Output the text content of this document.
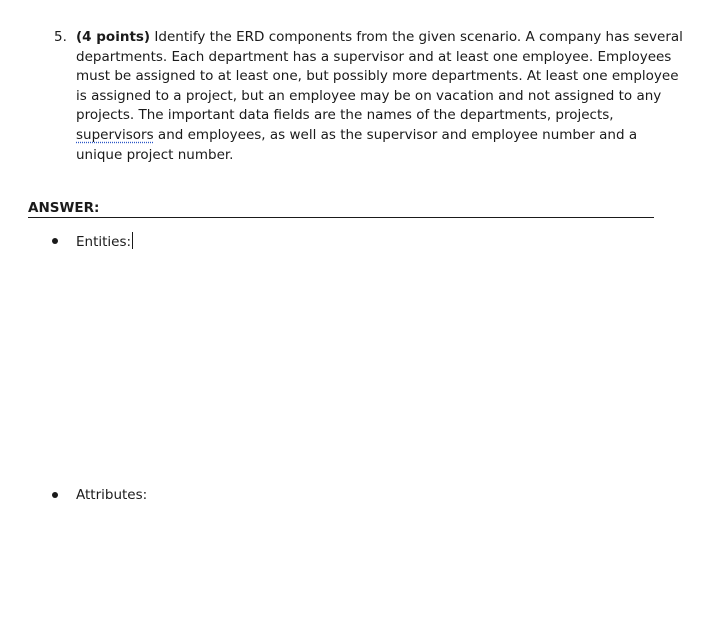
5. (4 points) Identify the ERD components from the given scenario. A company has several
departments. Each department has a supervisor and at least one employee. Employees
must be assigned to at least one, but possibly more departments. At least one employee
is assigned to a project, but an employee may be on vacation and not assigned to any
projects. The important data fields are the names of the departments, projects,
supervisors and employees, as well as the supervisor and employee number and a
unique project number.
ANSWER:
Entities:
Attributes:
